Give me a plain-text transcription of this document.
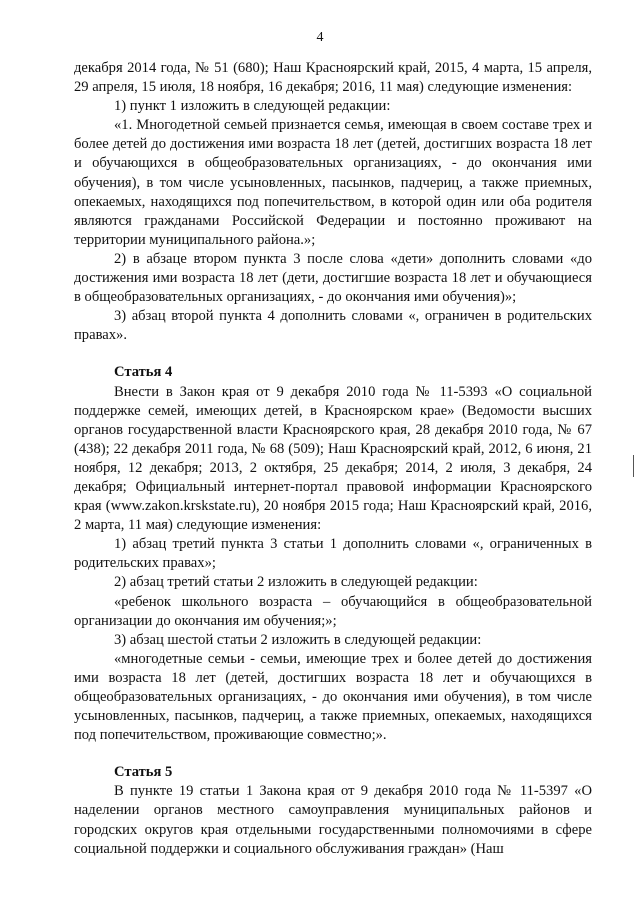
4

декабря 2014 года, № 51 (680); Наш Красноярский край, 2015, 4 марта, 15 апреля, 29 апреля, 15 июля, 18 ноября, 16 декабря; 2016, 11 мая) следующие изменения:

1) пункт 1 изложить в следующей редакции:

«1. Многодетной семьей признается семья, имеющая в своем составе трех и более детей до достижения ими возраста 18 лет (детей, достигших возраста 18 лет и обучающихся в общеобразовательных организациях, - до окончания ими обучения), в том числе усыновленных, пасынков, падчериц, а также приемных, опекаемых, находящихся под попечительством, в которой один или оба родителя являются гражданами Российской Федерации и постоянно проживают на территории муниципального района.»;

2) в абзаце втором пункта 3 после слова «дети» дополнить словами «до достижения ими возраста 18 лет (дети, достигшие возраста 18 лет и обучающиеся в общеобразовательных организациях, - до окончания ими обучения)»;

3) абзац второй пункта 4 дополнить словами «, ограничен в родительских правах».

Статья 4

Внести в Закон края от 9 декабря 2010 года № 11-5393 «О социальной поддержке семей, имеющих детей, в Красноярском крае» (Ведомости высших органов государственной власти Красноярского края, 28 декабря 2010 года, № 67 (438); 22 декабря 2011 года, № 68 (509); Наш Красноярский край, 2012, 6 июня, 21 ноября, 12 декабря; 2013, 2 октября, 25 декабря; 2014, 2 июля, 3 декабря, 24 декабря; Официальный интернет-портал правовой информации Красноярского края (www.zakon.krskstate.ru), 20 ноября 2015 года; Наш Красноярский край, 2016, 2 марта, 11 мая) следующие изменения:

1) абзац третий пункта 3 статьи 1 дополнить словами «, ограниченных в родительских правах»;

2) абзац третий статьи 2 изложить в следующей редакции:

«ребенок школьного возраста – обучающийся в общеобразовательной организации до окончания им обучения;»;

3) абзац шестой статьи 2 изложить в следующей редакции:

«многодетные семьи - семьи, имеющие трех и более детей до достижения ими возраста 18 лет (детей, достигших возраста 18 лет и обучающихся в общеобразовательных организациях, - до окончания ими обучения), в том числе усыновленных, пасынков, падчериц, а также приемных, опекаемых, находящихся под попечительством, проживающие совместно;».

Статья 5

В пункте 19 статьи 1 Закона края от 9 декабря 2010 года № 11-5397 «О наделении органов местного самоуправления муниципальных районов и городских округов края отдельными государственными полномочиями в сфере социальной поддержки и социального обслуживания граждан» (Наш
